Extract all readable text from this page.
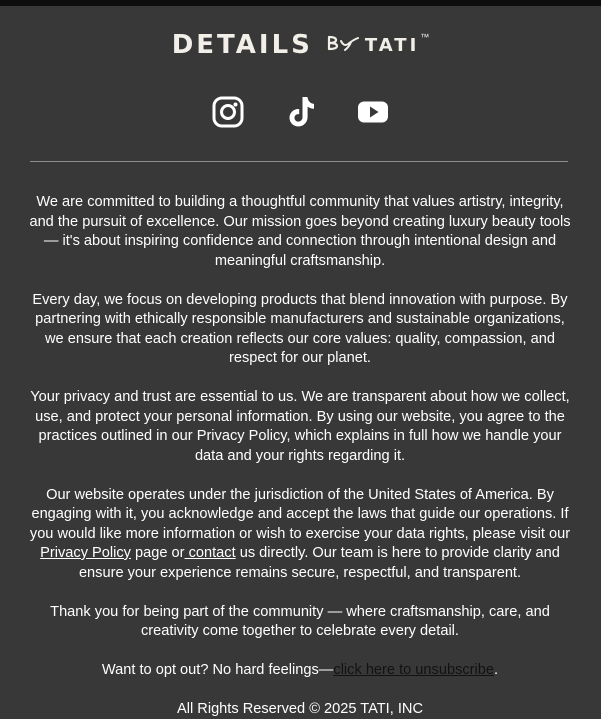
DETAILS	TATI™

We are committed to building a thoughtful community that values artistry, integrity, and the pursuit of excellence. Our mission goes beyond creating luxury beauty tools — it's about inspiring confidence and connection through intentional design and meaningful craftsmanship.

Every day, we focus on developing products that blend innovation with purpose. By partnering with ethically responsible manufacturers and sustainable organizations, we ensure that each creation reflects our core values: quality, compassion, and respect for our planet.

Your privacy and trust are essential to us. We are transparent about how we collect, use, and protect your personal information. By using our website, you agree to the practices outlined in our Privacy Policy, which explains in full how we handle your data and your rights regarding it.

Our website operates under the jurisdiction of the United States of America. By engaging with it, you acknowledge and accept the laws that guide our operations. If you would like more information or wish to exercise your data rights, please visit our Privacy Policy page or contact us directly. Our team is here to provide clarity and ensure your experience remains secure, respectful, and transparent.

Thank you for being part of the community — where craftsmanship, care, and creativity come together to celebrate every detail.

Want to opt out? No hard feelings—click here to unsubscribe.

All Rights Reserved © 2025 TATI, INC
